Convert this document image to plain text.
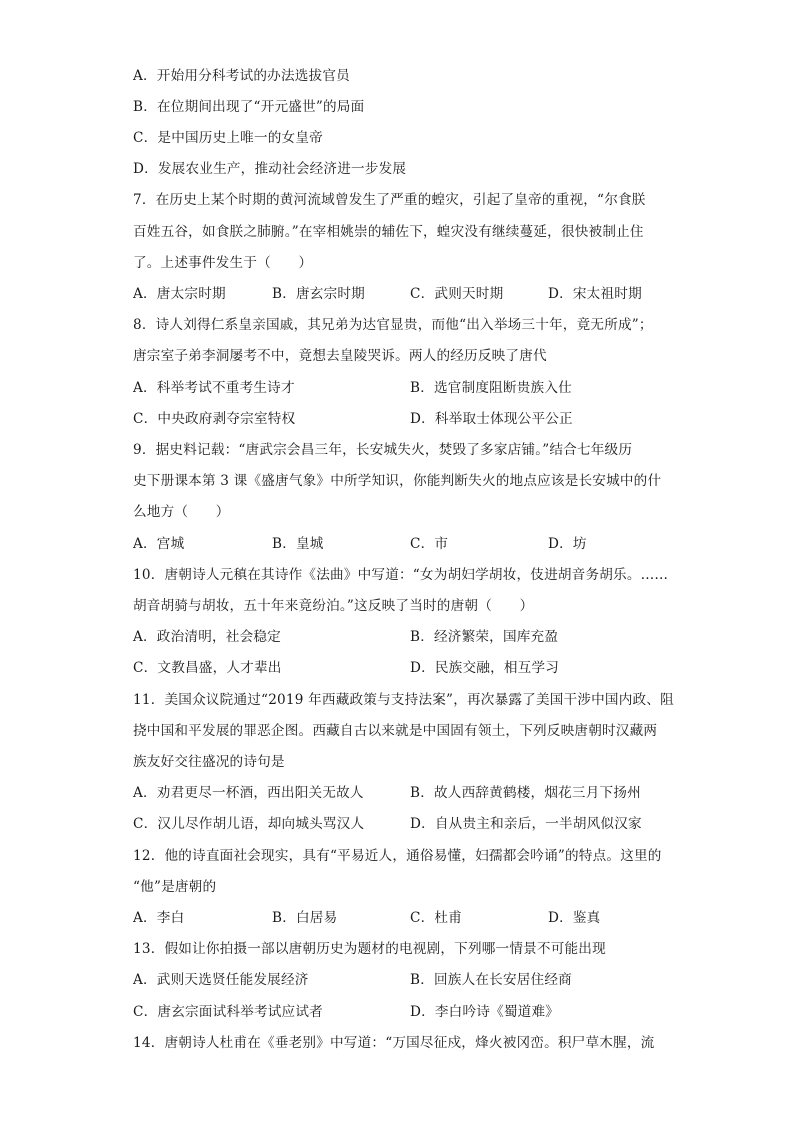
A．开始用分科考试的办法选拔官员
B．在位期间出现了“开元盛世”的局面
C．是中国历史上唯一的女皇帝
D．发展农业生产，推动社会经济进一步发展
7．在历史上某个时期的黄河流域曾发生了严重的蝗灾，引起了皇帝的重视，“尔食朕
百姓五谷，如食朕之肺腑。”在宰相姚崇的辅佐下，蝗灾没有继续蔓延，很快被制止住
了。上述事件发生于（　　）
A．唐太宗时期	B．唐玄宗时期	C．武则天时期	D．宋太祖时期
8．诗人刘得仁系皇亲国戚，其兄弟为达官显贵，而他“出入举场三十年，竟无所成”；
唐宗室子弟李洞屡考不中，竟想去皇陵哭诉。两人的经历反映了唐代
A．科举考试不重考生诗才	B．选官制度阻断贵族入仕
C．中央政府剥夺宗室特权	D．科举取士体现公平公正
9．据史料记载：“唐武宗会昌三年，长安城失火，焚毁了多家店铺。”结合七年级历
史下册课本第 3 课《盛唐气象》中所学知识，你能判断失火的地点应该是长安城中的什
么地方（　　）
A．宫城	B．皇城	C．市	D．坊
10．唐朝诗人元稹在其诗作《法曲》中写道：“女为胡妇学胡妆，伎进胡音务胡乐。……
胡音胡骑与胡妆，五十年来竟纷泊。”这反映了当时的唐朝（　　）
A．政治清明，社会稳定	B．经济繁荣，国库充盈
C．文教昌盛，人才辈出	D．民族交融，相互学习
11．美国众议院通过“2019 年西藏政策与支持法案”，再次暴露了美国干涉中国内政、阻
挠中国和平发展的罪恶企图。西藏自古以来就是中国固有领土，下列反映唐朝时汉藏两
族友好交往盛况的诗句是
A．劝君更尽一杯酒，西出阳关无故人	B．故人西辞黄鹤楼，烟花三月下扬州
C．汉儿尽作胡儿语，却向城头骂汉人	D．自从贵主和亲后，一半胡风似汉家
12．他的诗直面社会现实，具有“平易近人，通俗易懂，妇孺都会吟诵”的特点。这里的
“他”是唐朝的
A．李白	B．白居易	C．杜甫	D．鉴真
13．假如让你拍摄一部以唐朝历史为题材的电视剧，下列哪一情景不可能出现
A．武则天选贤任能发展经济	B．回族人在长安居住经商
C．唐玄宗面试科举考试应试者	D．李白吟诗《蜀道难》
14．唐朝诗人杜甫在《垂老别》中写道：“万国尽征戍，烽火被冈峦。积尸草木腥，流
